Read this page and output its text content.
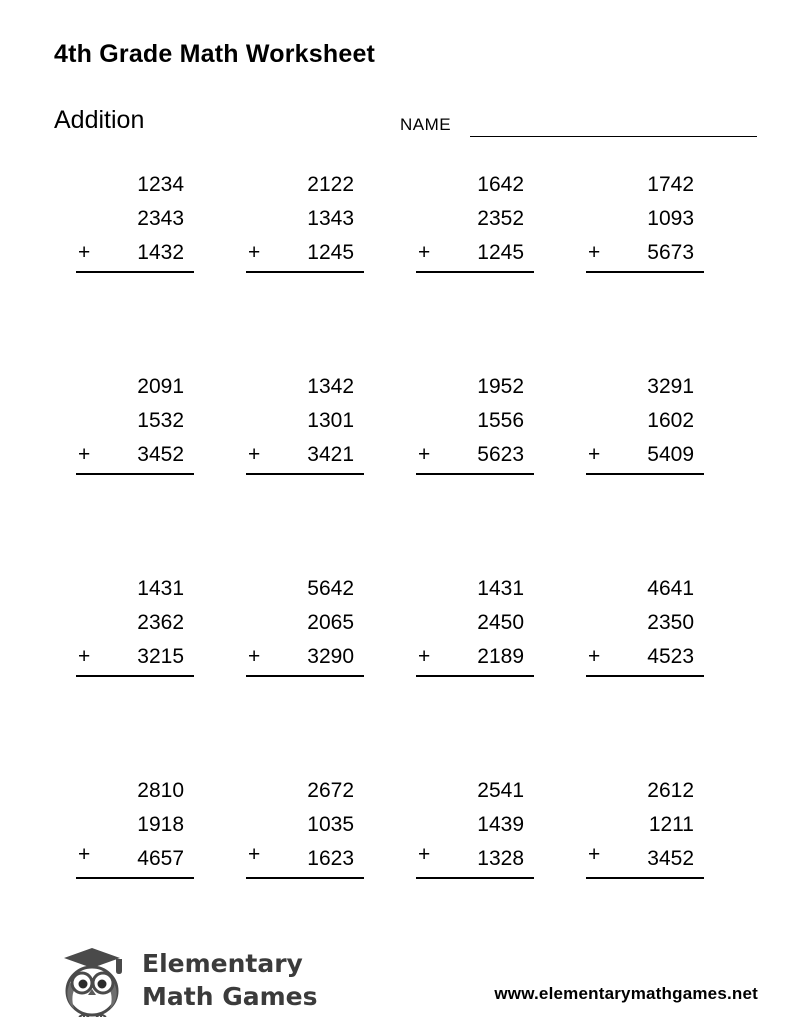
4th Grade Math Worksheet
Addition	NAME
1234
2343
+ 1432
2122
1343
+ 1245
1642
2352
+ 1245
1742
1093
+ 5673
2091
1532
+ 3452
1342
1301
+ 3421
1952
1556
+ 5623
3291
1602
+ 5409
1431
2362
+ 3215
5642
2065
+ 3290
1431
2450
+ 2189
4641
2350
+ 4523
2810
1918
+ 4657
2672
1035
+ 1623
2541
1439
+ 1328
2612
1211
+ 3452
Elementary
Math Games	www.elementarymathgames.net
